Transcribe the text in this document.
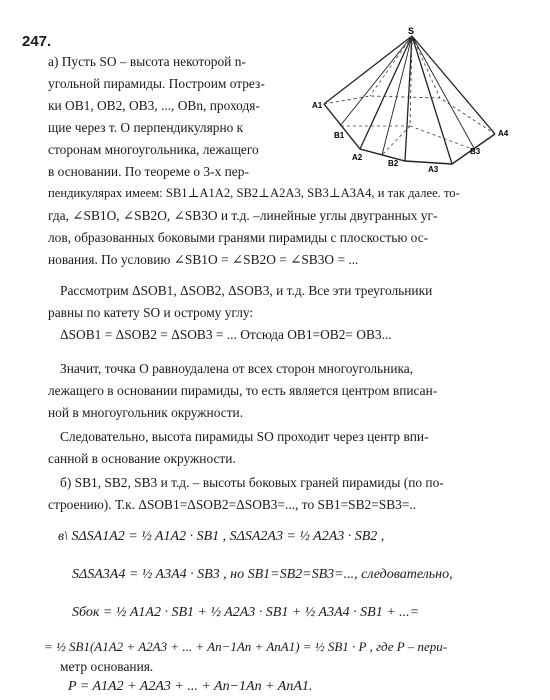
247.
S
A1
B1
A2
B2
A3
B3
A4
а) Пусть SO – высота некоторой n-
угольной пирамиды. Построим отрез-
ки OB1, OB2, OB3, ..., OBn, проходя-
щие через т. O перпендикулярно к
сторонам многоугольника, лежащего
в основании. По теореме о 3-х пер-
пендикулярах имеем: SB1⊥A1A2, SB2⊥A2A3, SB3⊥A3A4, и так далее. то-
гда, ∠SB1O, ∠SB2O, ∠SB3O и т.д. –линейные углы двугранных уг-
лов, образованных боковыми гранями пирамиды с плоскостью ос-
нования. По условию ∠SB1O = ∠SB2O = ∠SB3O = ...
Рассмотрим ΔSOB1, ΔSOB2, ΔSOB3, и т.д. Все эти треугольники
равны по катету SO и острому углу:
ΔSOB1 = ΔSOB2 = ΔSOB3 = ... Отсюда OB1=OB2= OB3...
Значит, точка O равноудалена от всех сторон многоугольника,
лежащего в основании пирамиды, то есть является центром вписан-
ной в многоугольник окружности.
Следовательно, высота пирамиды SO проходит через центр впи-
санной в основание окружности.
б) SB1, SB2, SB3 и т.д. – высоты боковых граней пирамиды (по по-
строению). Т.к. ΔSOB1=ΔSOB2=ΔSOB3=..., то SB1=SB2=SB3=..
в\ SΔSA1A2 = ½ A1A2 · SB1 , SΔSA2A3 = ½ A2A3 · SB2 ,
SΔSA3A4 = ½ A3A4 · SB3 , но SB1=SB2=SB3=..., следовательно,
Sбок = ½ A1A2 · SB1 + ½ A2A3 · SB1 + ½ A3A4 · SB1 + ...=
= ½ SB1(A1A2 + A2A3 + ... + An−1An + AnA1) = ½ SB1 · P , где P – пери-
метр основания.
P = A1A2 + A2A3 + ... + An−1An + AnA1.
